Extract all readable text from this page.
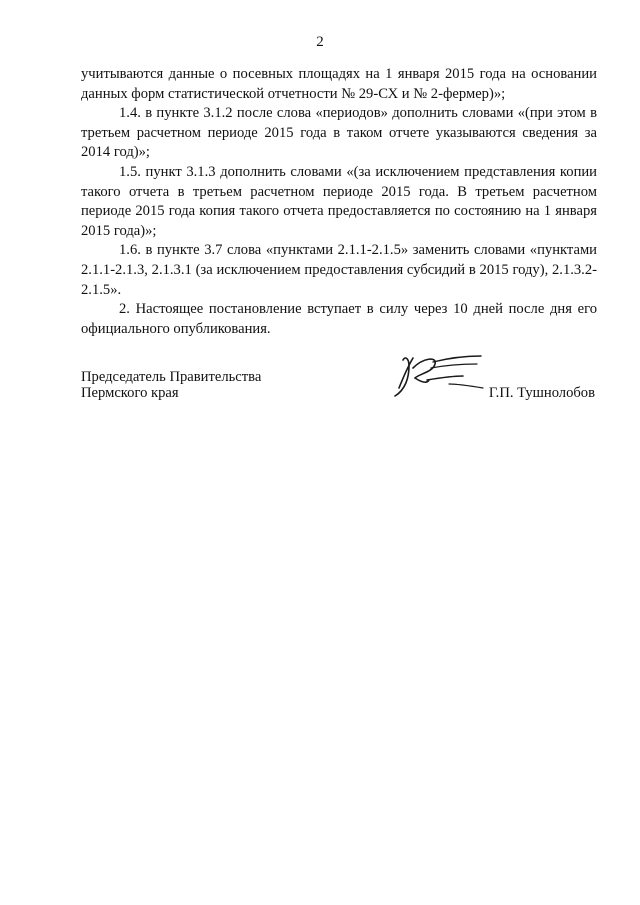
2

учитываются данные о посевных площадях на 1 января 2015 года на основании данных форм статистической отчетности № 29-СХ и № 2-фермер)»;

1.4. в пункте 3.1.2 после слова «периодов» дополнить словами «(при этом в третьем расчетном периоде 2015 года в таком отчете указываются сведения за 2014 год)»;

1.5. пункт 3.1.3 дополнить словами «(за исключением представления копии такого отчета в третьем расчетном периоде 2015 года. В третьем расчетном периоде 2015 года копия такого отчета предоставляется по состоянию на 1 января 2015 года)»;

1.6. в пункте 3.7 слова «пунктами 2.1.1-2.1.5» заменить словами «пунктами 2.1.1-2.1.3, 2.1.3.1 (за исключением предоставления субсидий в 2015 году), 2.1.3.2-2.1.5».

2. Настоящее постановление вступает в силу через 10 дней после дня его официального опубликования.

Председатель Правительства
Пермского края	Г.П. Тушнолобов
